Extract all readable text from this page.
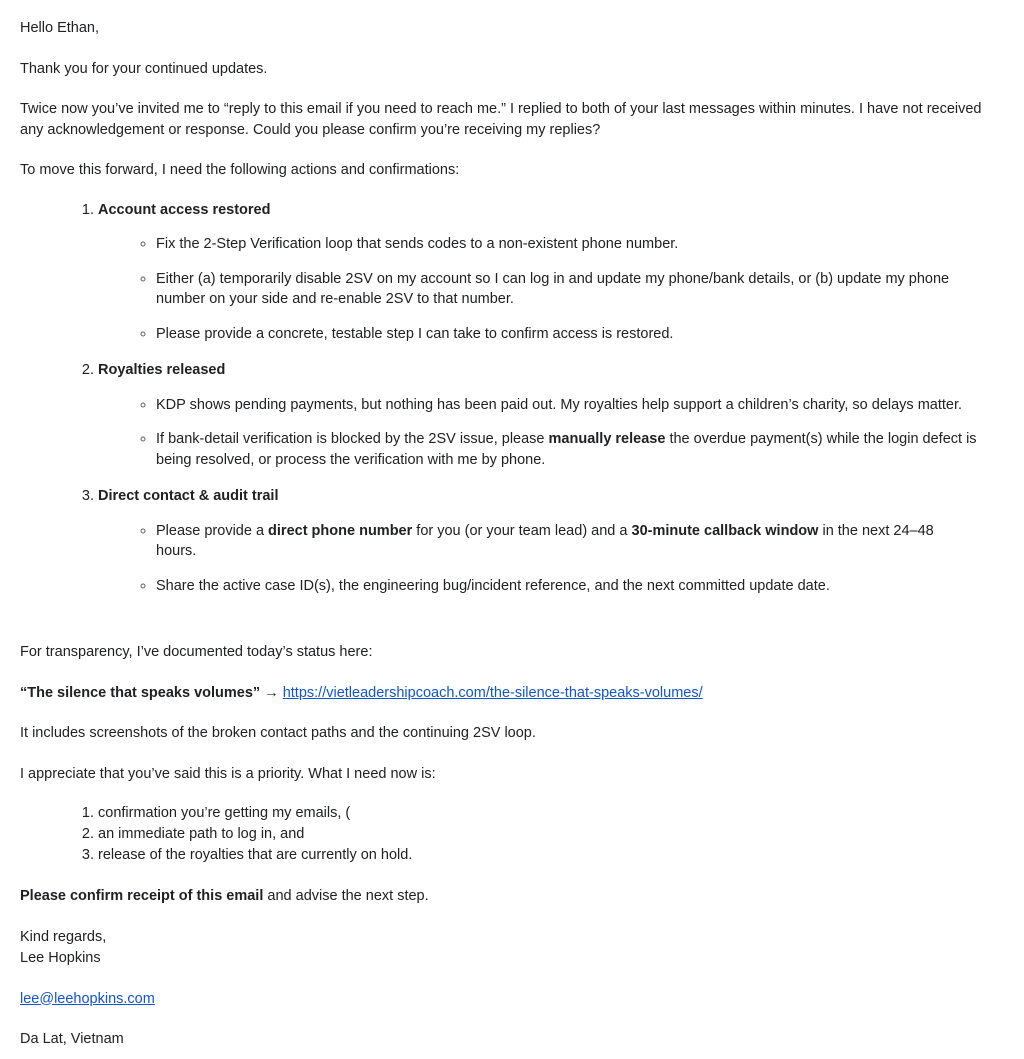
Hello Ethan,

Thank you for your continued updates.

Twice now you’ve invited me to “reply to this email if you need to reach me.” I replied to both of your last messages within minutes. I have not received any acknowledgement or response. Could you please confirm you’re receiving my replies?

To move this forward, I need the following actions and confirmations:

1. Account access restored
◦ Fix the 2-Step Verification loop that sends codes to a non-existent phone number.
◦ Either (a) temporarily disable 2SV on my account so I can log in and update my phone/bank details, or (b) update my phone number on your side and re-enable 2SV to that number.
◦ Please provide a concrete, testable step I can take to confirm access is restored.
2. Royalties released
◦ KDP shows pending payments, but nothing has been paid out. My royalties help support a children’s charity, so delays matter.
◦ If bank-detail verification is blocked by the 2SV issue, please manually release the overdue payment(s) while the login defect is being resolved, or process the verification with me by phone.
3. Direct contact & audit trail
◦ Please provide a direct phone number for you (or your team lead) and a 30-minute callback window in the next 24–48 hours.
◦ Share the active case ID(s), the engineering bug/incident reference, and the next committed update date.

For transparency, I’ve documented today’s status here:

“The silence that speaks volumes” → https://vietleadershipcoach.com/the-silence-that-speaks-volumes/

It includes screenshots of the broken contact paths and the continuing 2SV loop.

I appreciate that you’ve said this is a priority. What I need now is:

1. confirmation you’re getting my emails, (
2. an immediate path to log in, and
3. release of the royalties that are currently on hold.

Please confirm receipt of this email and advise the next step.

Kind regards,
Lee Hopkins

lee@leehopkins.com

Da Lat, Vietnam
